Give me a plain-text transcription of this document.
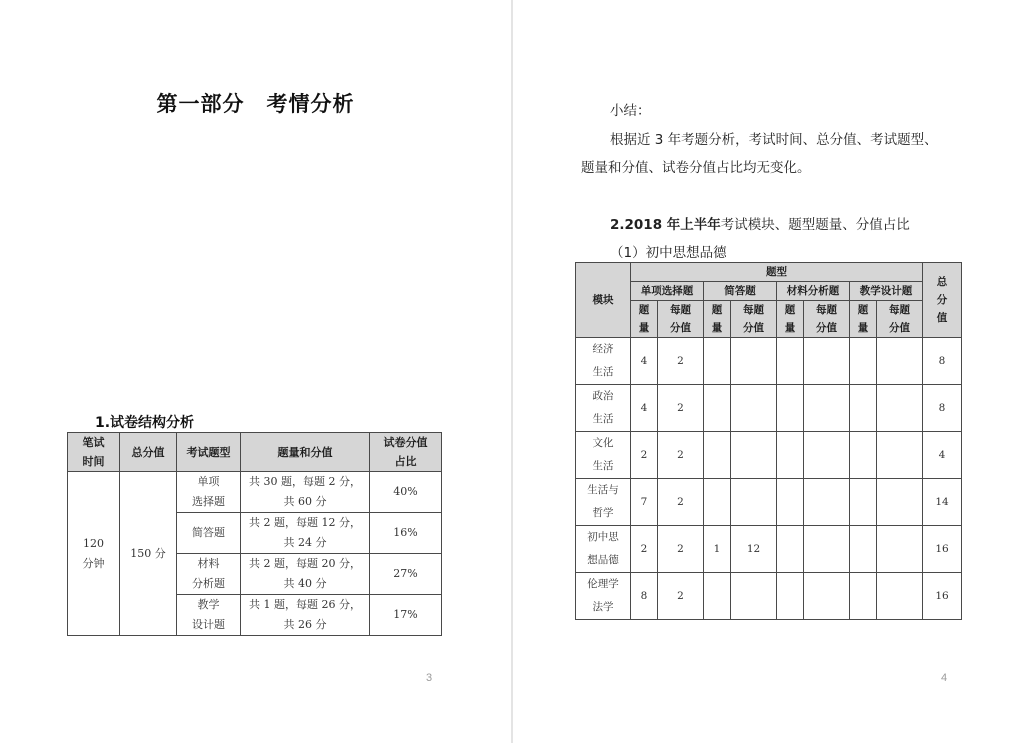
第一部分　考情分析
1.试卷结构分析
笔试
时间	总分值	考试题型	题量和分值	试卷分值
占比

120
分钟	150 分	单项
选择题	共 30 题，每题 2 分，
共 60 分	40%

		简答题	共 2 题，每题 12 分，
共 24 分	16%

		材料
分析题	共 2 题，每题 20 分，
共 40 分	27%

		教学
设计题	共 1 题，每题 26 分，
共 26 分	17%
3
小结：
根据近 3 年考题分析，考试时间、总分值、考试题型、
题量和分值、试卷分值占比均无变化。
2.2018 年上半年考试模块、题型题量、分值占比
（1）初中思想品德
4
模块	题型								总
分
值

	单项选择题		简答题		材料分析题		教学设计题		

	题
量	每题
分值	题
量	每题
分值	题
量	每题
分值	题
量	每题
分值	

经济
生活	4	2							8

政治
生活	4	2							8

文化
生活	2	2							4

生活与
哲学	7	2							14

初中思
想品德	2	2	1	12					16

伦理学
法学	8	2							16
